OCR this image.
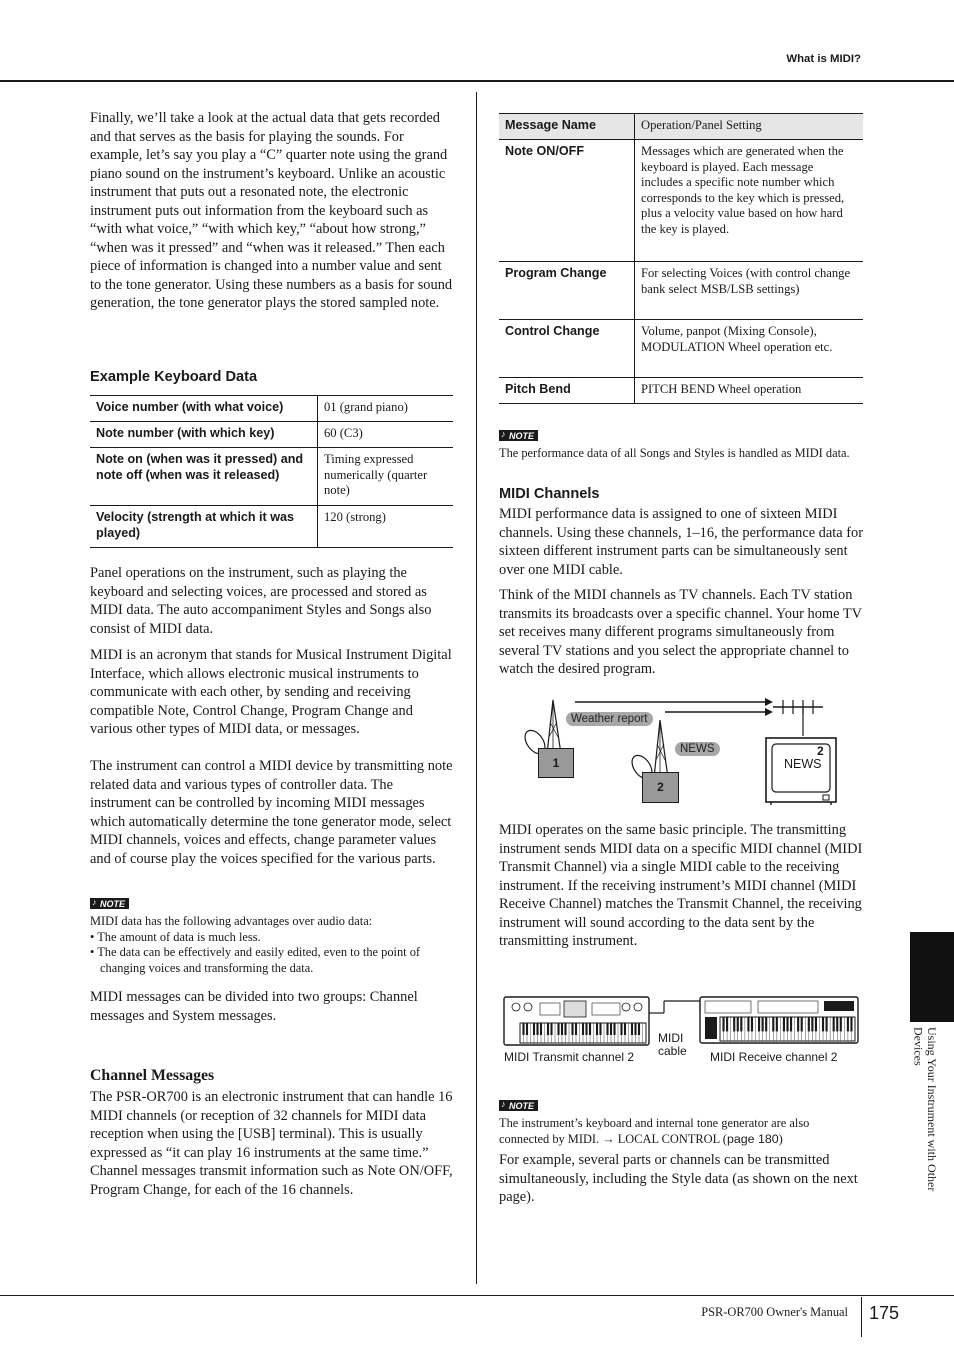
What is MIDI?
PSR-OR700 Owner's Manual 175
Using Your Instrument with Other Devices

Finally, we’ll take a look at the actual data that gets recorded and that serves as the basis for playing the sounds. For example, let’s say you play a “C” quarter note using the grand piano sound on the instrument’s keyboard. Unlike an acoustic instrument that puts out a resonated note, the electronic instrument puts out information from the keyboard such as “with what voice,” “with which key,” “about how strong,” “when was it pressed” and “when was it released.” Then each piece of information is changed into a number value and sent to the tone generator. Using these numbers as a basis for sound generation, the tone generator plays the stored sampled note.

Example Keyboard Data
Voice number (with what voice)	01 (grand piano)
Note number (with which key)	60 (C3)
Note on (when was it pressed) and note off (when was it released)	Timing expressed numerically (quarter note)
Velocity (strength at which it was played)	120 (strong)

Panel operations on the instrument, such as playing the keyboard and selecting voices, are processed and stored as MIDI data. The auto accompaniment Styles and Songs also consist of MIDI data.

MIDI is an acronym that stands for Musical Instrument Digital Interface, which allows electronic musical instruments to communicate with each other, by sending and receiving compatible Note, Control Change, Program Change and various other types of MIDI data, or messages.

The instrument can control a MIDI device by transmitting note related data and various types of controller data. The instrument can be controlled by incoming MIDI messages which automatically determine the tone generator mode, select MIDI channels, voices and effects, change parameter values and of course play the voices specified for the various parts.

♪ NOTE

MIDI data has the following advantages over audio data:

• The amount of data is much less.

• The data can be effectively and easily edited, even to the point of changing voices and transforming the data.

MIDI messages can be divided into two groups: Channel messages and System messages.

Channel Messages

The PSR-OR700 is an electronic instrument that can handle 16 MIDI channels (or reception of 32 channels for MIDI data reception when using the [USB] terminal). This is usually expressed as “it can play 16 instruments at the same time.” Channel messages transmit information such as Note ON/OFF, Program Change, for each of the 16 channels.

Message Name	Operation/Panel Setting
Note ON/OFF	Messages which are generated when the keyboard is played. Each message includes a specific note number which corresponds to the key which is pressed, plus a velocity value based on how hard the key is played.
Program Change	For selecting Voices (with control change bank select MSB/LSB settings)
Control Change	Volume, panpot (Mixing Console), MODULATION Wheel operation etc.
Pitch Bend	PITCH BEND Wheel operation
♪ NOTE

The performance data of all Songs and Styles is handled as MIDI data.

MIDI Channels

MIDI performance data is assigned to one of sixteen MIDI channels. Using these channels, 1–16, the performance data for sixteen different instrument parts can be simultaneously sent over one MIDI cable.

Think of the MIDI channels as TV channels. Each TV station transmits its broadcasts over a specific channel. Your home TV set receives many different programs simultaneously from several TV stations and you select the appropriate channel to watch the desired program.

Weather report
NEWS
1
2
2
NEWS

MIDI operates on the same basic principle. The transmitting instrument sends MIDI data on a specific MIDI channel (MIDI Transmit Channel) via a single MIDI cable to the receiving instrument. If the receiving instrument’s MIDI channel (MIDI Receive Channel) matches the Transmit Channel, the receiving instrument will sound according to the data sent by the transmitting instrument.

MIDI Transmit channel 2
MIDI
cable MIDI Receive channel 2
♪ NOTE

The instrument’s keyboard and internal tone generator are also connected by MIDI. → LOCAL CONTROL (page 180)

For example, several parts or channels can be transmitted simultaneously, including the Style data (as shown on the next page).
